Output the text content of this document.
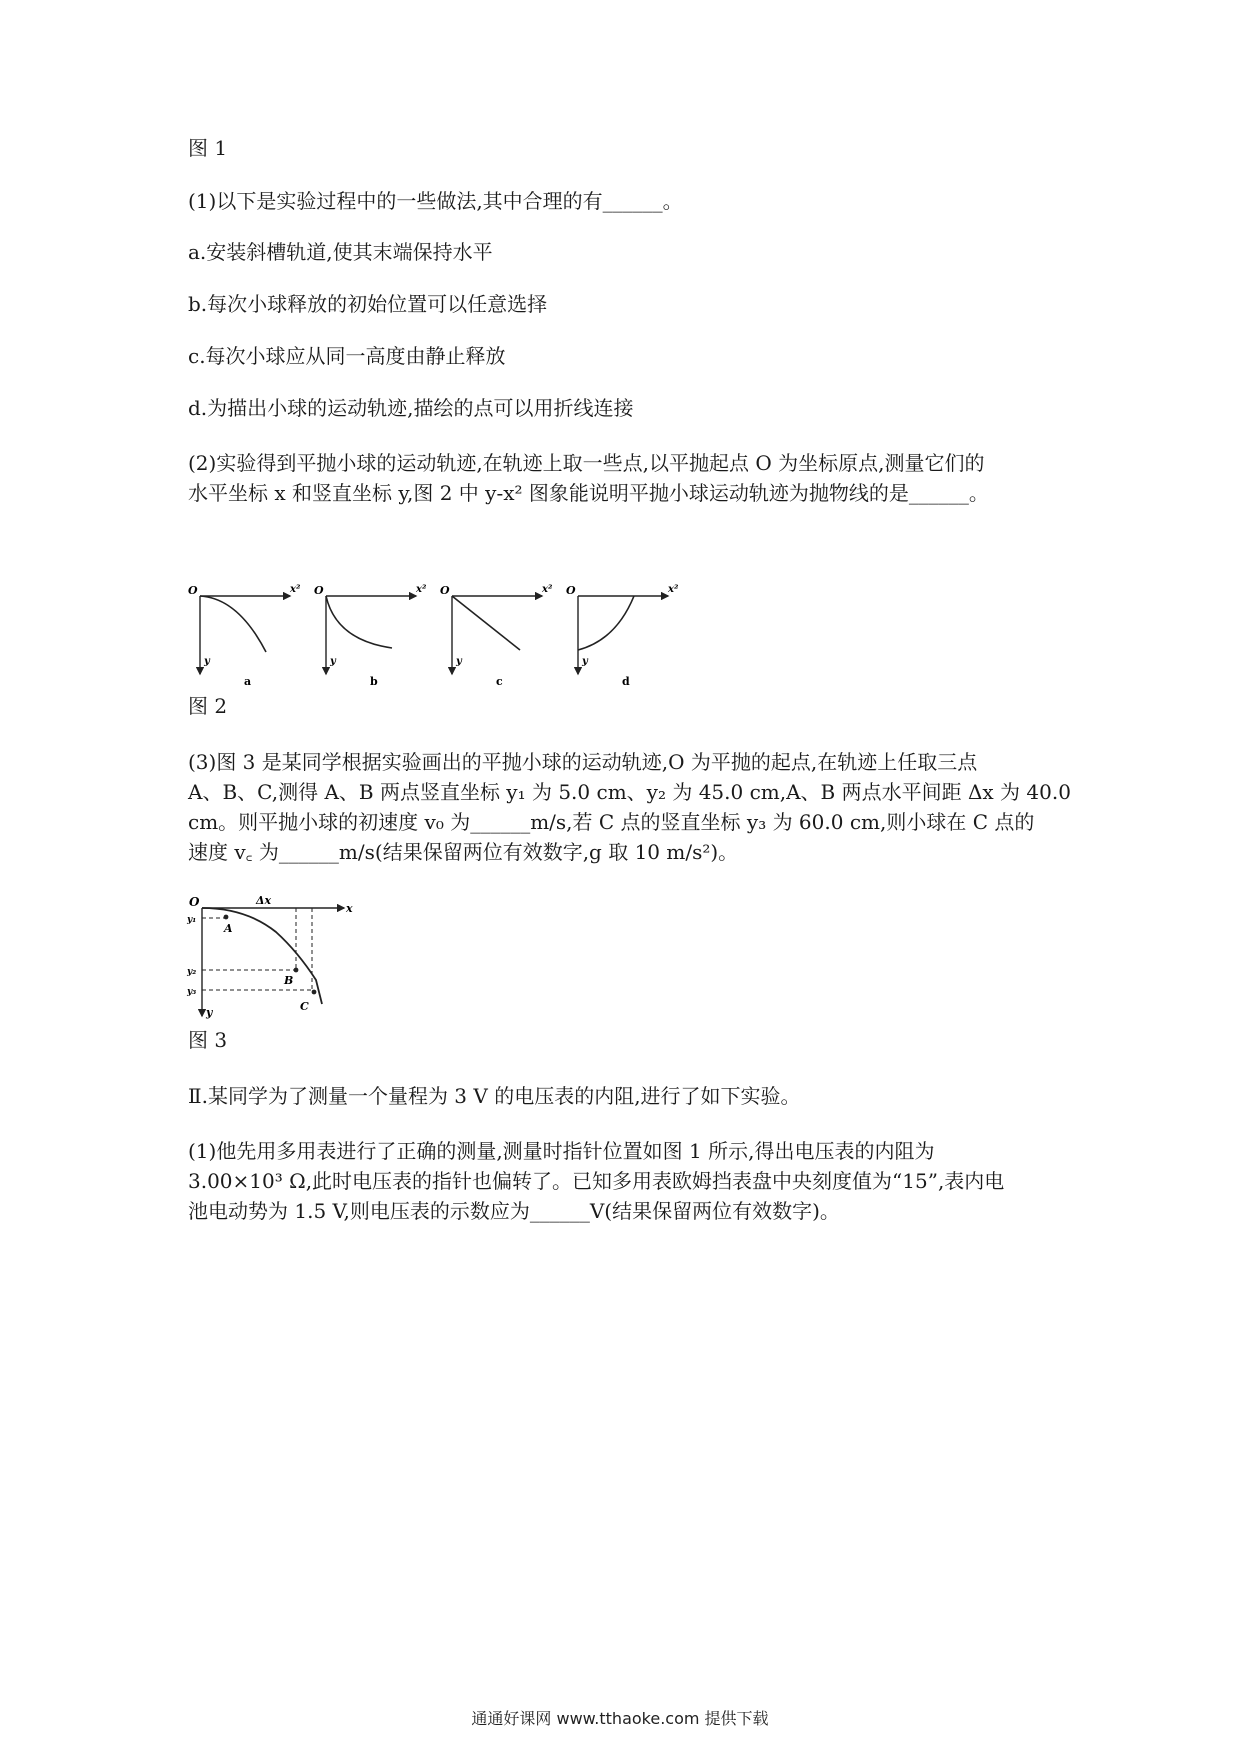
图 1
(1)以下是实验过程中的一些做法,其中合理的有______。
a.安装斜槽轨道,使其末端保持水平
b.每次小球释放的初始位置可以任意选择
c.每次小球应从同一高度由静止释放
d.为描出小球的运动轨迹,描绘的点可以用折线连接
(2)实验得到平抛小球的运动轨迹,在轨迹上取一些点,以平抛起点 O 为坐标原点,测量它们的
水平坐标 x 和竖直坐标 y,图 2 中 y-x² 图象能说明平抛小球运动轨迹为抛物线的是______。
O	x²
y
a
O	x²
y
b
O	x²
y
c
O	x²
y
d
图 2
(3)图 3 是某同学根据实验画出的平抛小球的运动轨迹,O 为平抛的起点,在轨迹上任取三点
A、B、C,测得 A、B 两点竖直坐标 y₁ 为 5.0 cm、y₂ 为 45.0 cm,A、B 两点水平间距 Δx 为 40.0
cm。则平抛小球的初速度 v₀ 为______m/s,若 C 点的竖直坐标 y₃ 为 60.0 cm,则小球在 C 点的
速度 v꜀ 为______m/s(结果保留两位有效数字,g 取 10 m/s²)。
O	x
y
Δx
y₁
y₂
y₃
A
B
C
图 3
Ⅱ.某同学为了测量一个量程为 3 V 的电压表的内阻,进行了如下实验。
(1)他先用多用表进行了正确的测量,测量时指针位置如图 1 所示,得出电压表的内阻为
3.00×10³ Ω,此时电压表的指针也偏转了。已知多用表欧姆挡表盘中央刻度值为“15”,表内电
池电动势为 1.5 V,则电压表的示数应为______V(结果保留两位有效数字)。
通通好课网 www.tthaoke.com 提供下载
